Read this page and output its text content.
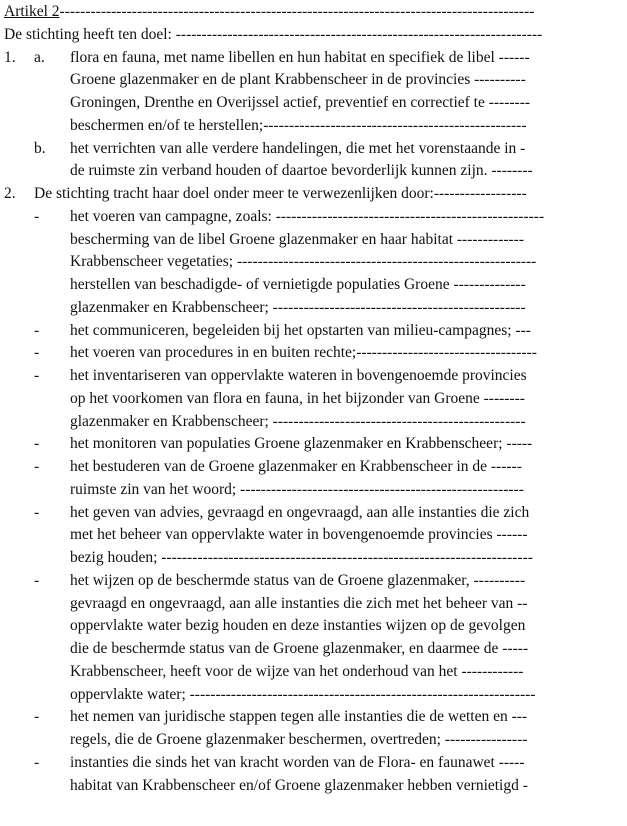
Artikel 2--------------------------------------------------------------------------------------------
De stichting heeft ten doel: -----------------------------------------------------------------------
1. a. flora en fauna, met name libellen en hun habitat en specifiek de libel ------
Groene glazenmaker en de plant Krabbenscheer in de provincies ----------
Groningen, Drenthe en Overijssel actief, preventief en correctief te --------
beschermen en/of te herstellen;---------------------------------------------------
b. het verrichten van alle verdere handelingen, die met het vorenstaande in -
de ruimste zin verband houden of daartoe bevorderlijk kunnen zijn. --------
2. De stichting tracht haar doel onder meer te verwezenlijken door:------------------
- het voeren van campagne, zoals: ----------------------------------------------------
bescherming van de libel Groene glazenmaker en haar habitat -------------
Krabbenscheer vegetaties; ----------------------------------------------------------
herstellen van beschadigde- of vernietigde populaties Groene --------------
glazenmaker en Krabbenscheer; -------------------------------------------------
- het communiceren, begeleiden bij het opstarten van milieu-campagnes; ---
- het voeren van procedures in en buiten rechte;-----------------------------------
- het inventariseren van oppervlakte wateren in bovengenoemde provincies
op het voorkomen van flora en fauna, in het bijzonder van Groene --------
glazenmaker en Krabbenscheer; -------------------------------------------------
- het monitoren van populaties Groene glazenmaker en Krabbenscheer; -----
- het bestuderen van de Groene glazenmaker en Krabbenscheer in de ------
ruimste zin van het woord; -------------------------------------------------------
- het geven van advies, gevraagd en ongevraagd, aan alle instanties die zich
met het beheer van oppervlakte water in bovengenoemde provincies ------
bezig houden; ------------------------------------------------------------------------
- het wijzen op de beschermde status van de Groene glazenmaker, ----------
gevraagd en ongevraagd, aan alle instanties die zich met het beheer van --
oppervlakte water bezig houden en deze instanties wijzen op de gevolgen
die de beschermde status van de Groene glazenmaker, en daarmee de -----
Krabbenscheer, heeft voor de wijze van het onderhoud van het ------------
oppervlakte water; -------------------------------------------------------------------
- het nemen van juridische stappen tegen alle instanties die de wetten en ---
regels, die de Groene glazenmaker beschermen, overtreden; ----------------
- instanties die sinds het van kracht worden van de Flora- en faunawet -----
habitat van Krabbenscheer en/of Groene glazenmaker hebben vernietigd -
